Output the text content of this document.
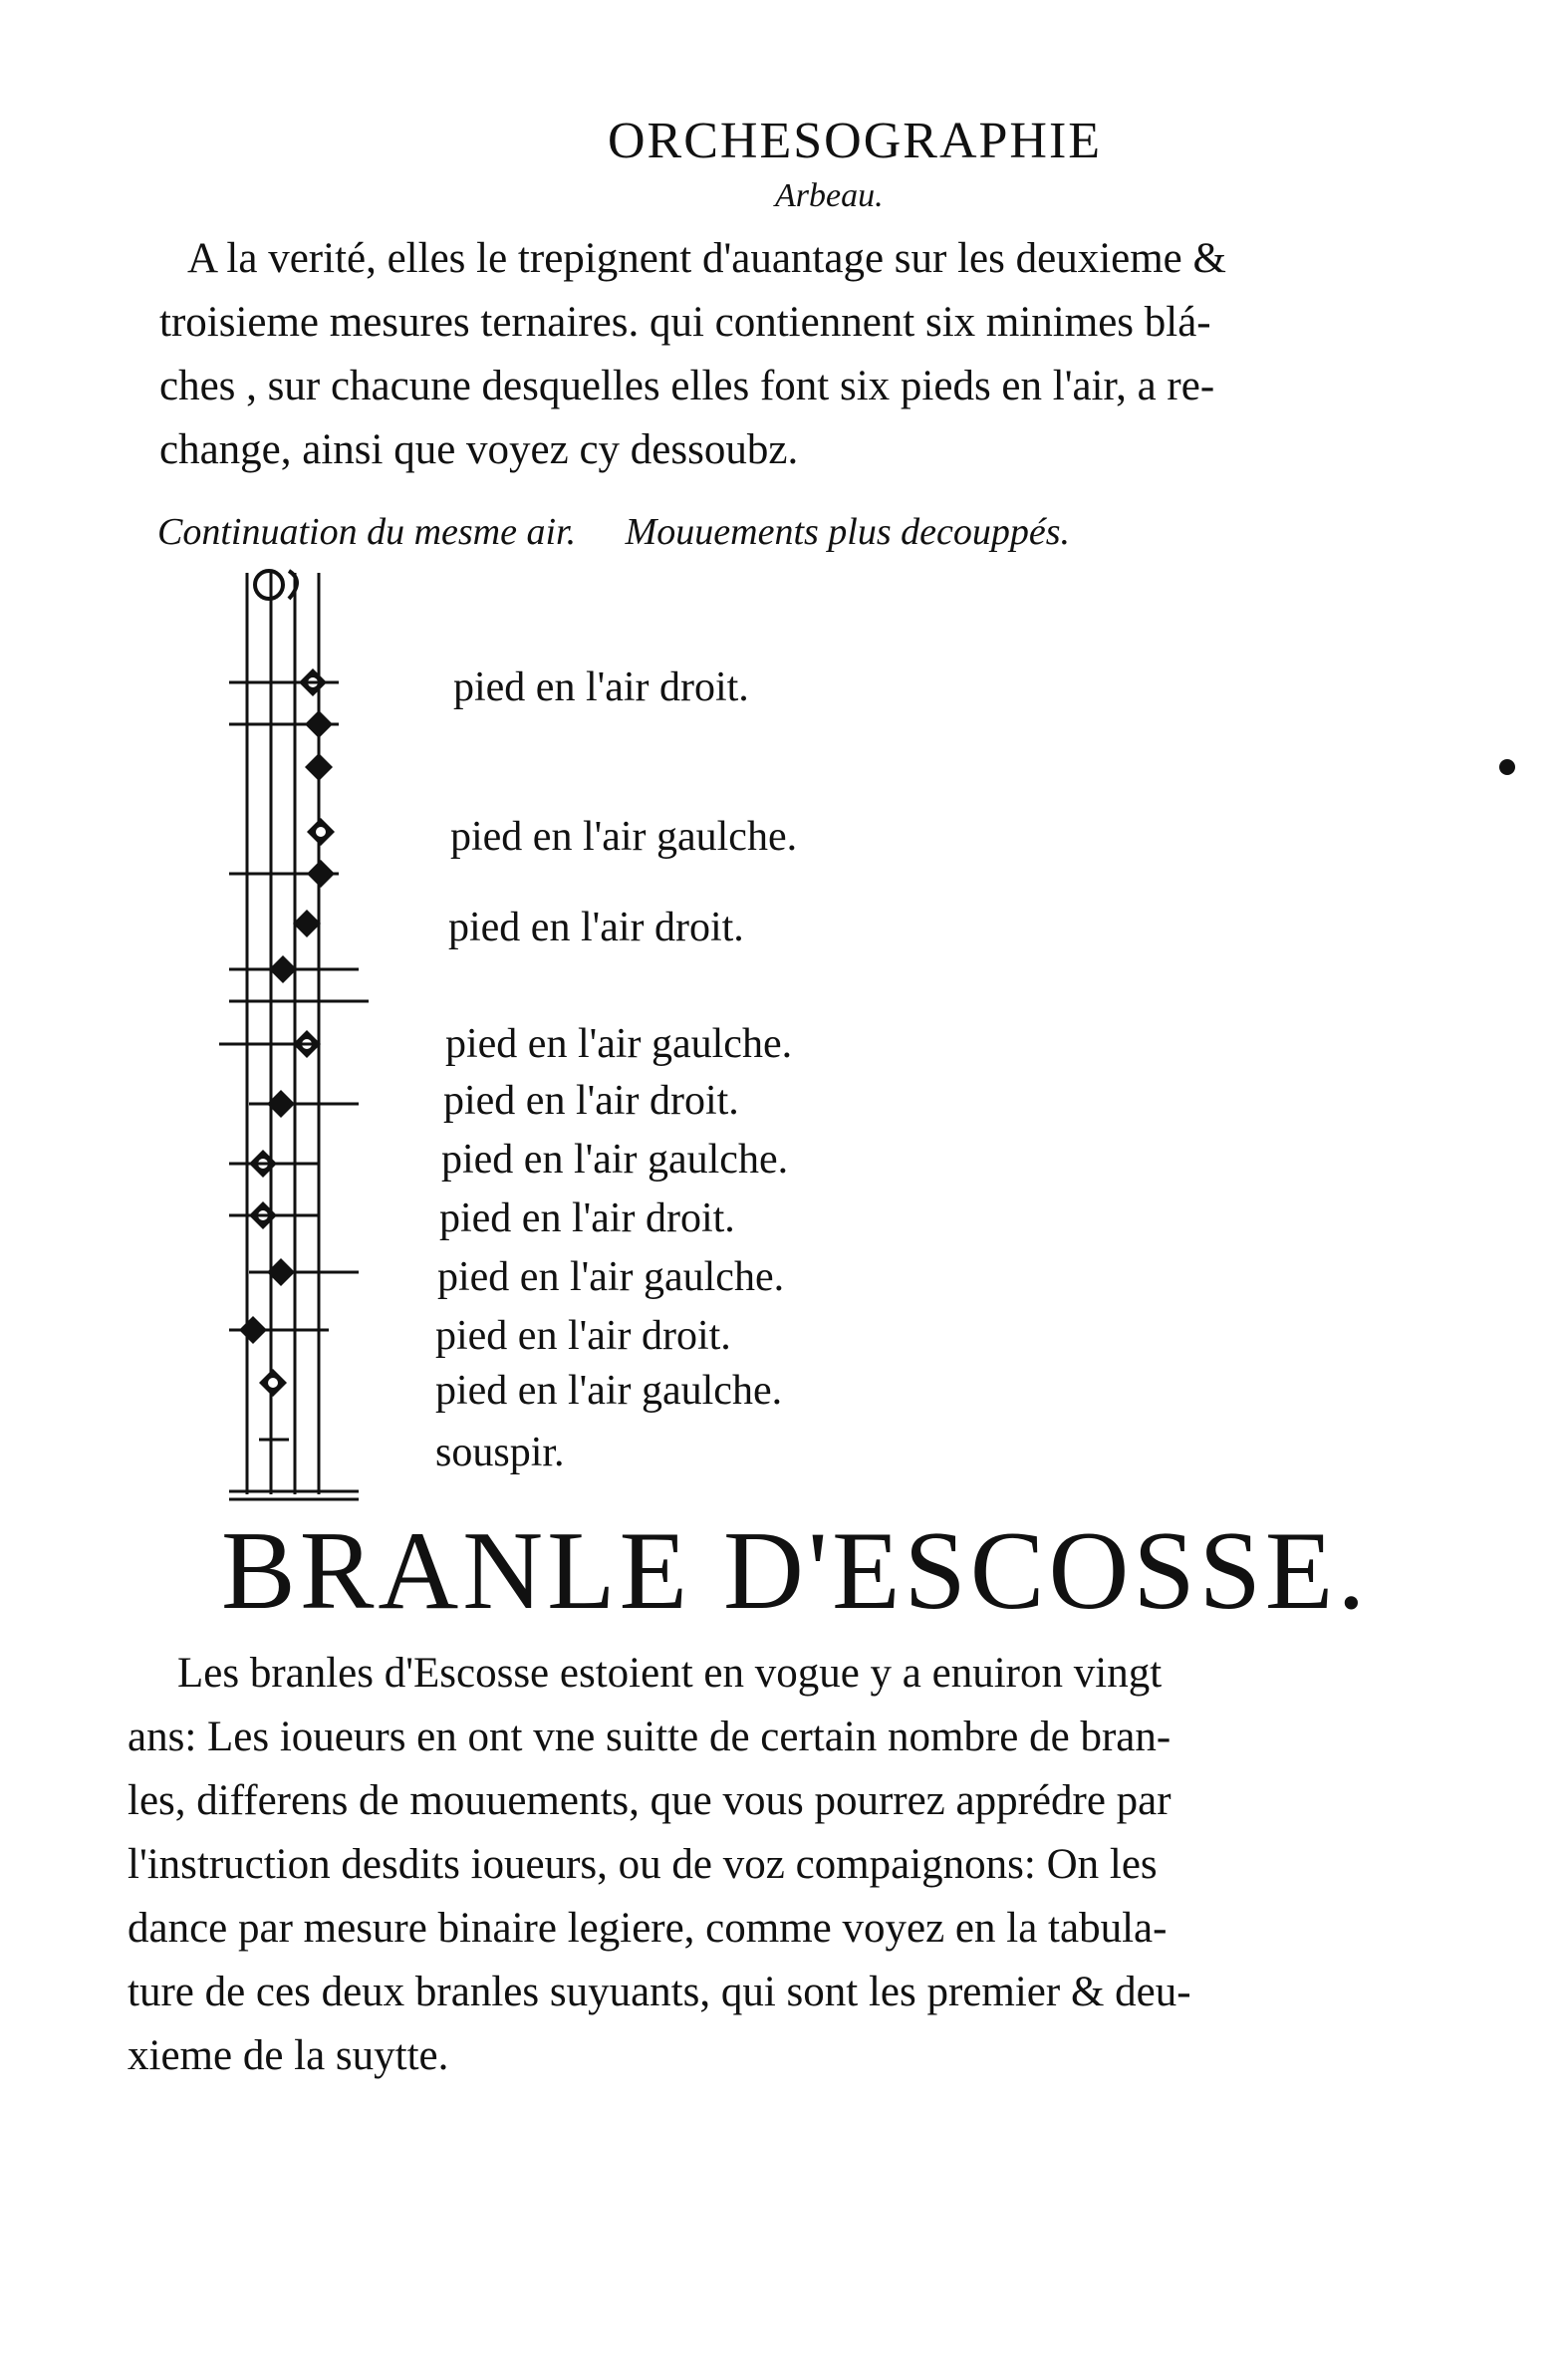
ORCHESOGRAPHIE
Arbeau.

A la verité, elles le trepignent d'auantage sur les deuxieme &
troisieme mesures ternaires. qui contiennent six minimes blá-
ches , sur chacune desquelles elles font six pieds en l'air, a re-
change, ainsi que voyez cy dessoubz.

Continuation du mesme air. Mouuements plus decouppés.
pied en l'air droit.
pied en l'air gaulche.
pied en l'air droit.
pied en l'air gaulche.
pied en l'air droit.
pied en l'air gaulche.
pied en l'air droit.
pied en l'air gaulche.
pied en l'air droit.
pied en l'air gaulche.
souspir.
BRANLE D'ESCOSSE.

Les branles d'Escosse estoient en vogue y a enuiron vingt
ans: Les ioueurs en ont vne suitte de certain nombre de bran-
les, differens de mouuements, que vous pourrez apprédre par
l'instruction desdits ioueurs, ou de voz compaignons: On les
dance par mesure binaire legiere, comme voyez en la tabula-
ture de ces deux branles suyuants, qui sont les premier & deu-
xieme de la suytte.
